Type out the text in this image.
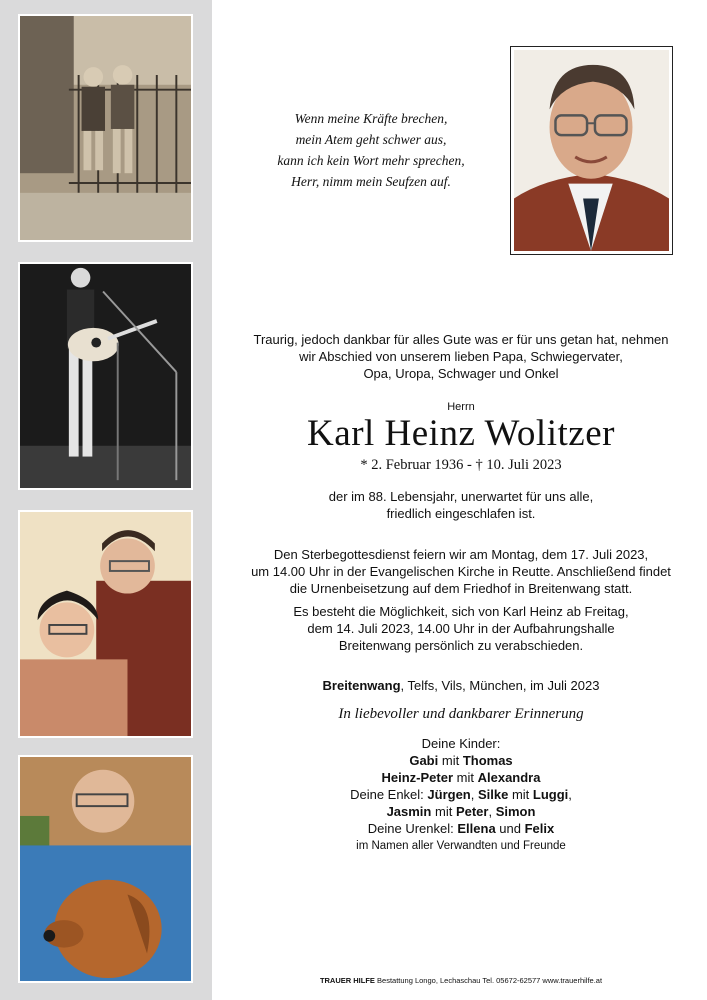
Wenn meine Kräfte brechen,
mein Atem geht schwer aus,
kann ich kein Wort mehr sprechen,
Herr, nimm mein Seufzen auf.
Traurig, jedoch dankbar für alles Gute was er für uns getan hat, nehmen
wir Abschied von unserem lieben Papa, Schwiegervater,
Opa, Uropa, Schwager und Onkel
Herrn
Karl Heinz Wolitzer
* 2. Februar 1936 - † 10. Juli 2023
der im 88. Lebensjahr, unerwartet für uns alle,
friedlich eingeschlafen ist.
Den Sterbegottesdienst feiern wir am Montag, dem 17. Juli 2023,
um 14.00 Uhr in der Evangelischen Kirche in Reutte. Anschließend findet
die Urnenbeisetzung auf dem Friedhof in Breitenwang statt.
Es besteht die Möglichkeit, sich von Karl Heinz ab Freitag,
dem 14. Juli 2023, 14.00 Uhr in der Aufbahrungshalle
Breitenwang persönlich zu verabschieden.
Breitenwang, Telfs, Vils, München, im Juli 2023
In liebevoller und dankbarer Erinnerung
Deine Kinder:
Gabi mit Thomas
Heinz-Peter mit Alexandra
Deine Enkel: Jürgen, Silke mit Luggi,
Jasmin mit Peter, Simon
Deine Urenkel: Ellena und Felix
im Namen aller Verwandten und Freunde
TRAUER HILFE Bestattung Longo, Lechaschau Tel. 05672-62577 www.trauerhilfe.at
